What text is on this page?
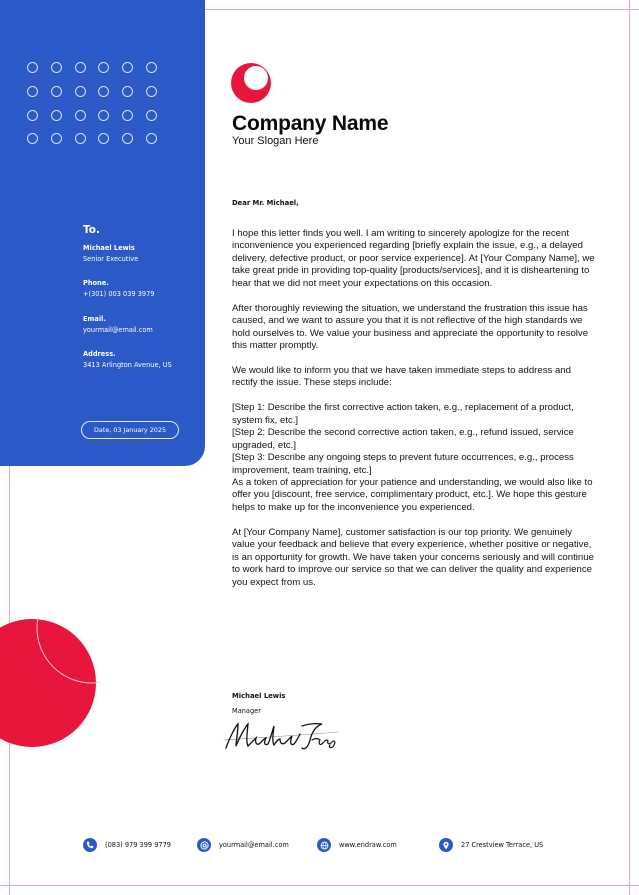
To.
Michael Lewis
Senior Executive
Phone.
+(301) 003 039 3979
Email.
yourmail@email.com
Address.
3413 Arlington Avenue, US
Date, 03 January 2025
Company Name
Your Slogan Here
Dear Mr. Michael,

I hope this letter finds you well. I am writing to sincerely apologize for the recent inconvenience you experienced regarding [briefly explain the issue, e.g., a delayed delivery, defective product, or poor service experience]. At [Your Company Name], we take great pride in providing top-quality [products/services], and it is disheartening to hear that we did not meet your expectations on this occasion.

After thoroughly reviewing the situation, we understand the frustration this issue has caused, and we want to assure you that it is not reflective of the high standards we hold ourselves to. We value your business and appreciate the opportunity to resolve this matter promptly.

We would like to inform you that we have taken immediate steps to address and rectify the issue. These steps include:

[Step 1: Describe the first corrective action taken, e.g., replacement of a product, system fix, etc.]

[Step 2: Describe the second corrective action taken, e.g., refund issued, service upgraded, etc.]

[Step 3: Describe any ongoing steps to prevent future occurrences, e.g., process improvement, team training, etc.]

As a token of appreciation for your patience and understanding, we would also like to offer you [discount, free service, complimentary product, etc.]. We hope this gesture helps to make up for the inconvenience you experienced.

At [Your Company Name], customer satisfaction is our top priority. We genuinely value your feedback and believe that every experience, whether positive or negative, is an opportunity for growth. We have taken your concerns seriously and will continue to work hard to improve our service so that we can deliver the quality and experience you expect from us.

Michael Lewis
Manager
(083) 979 399 9779	yourmail@email.com	www.endraw.com	27 Crestview Terrace, US
